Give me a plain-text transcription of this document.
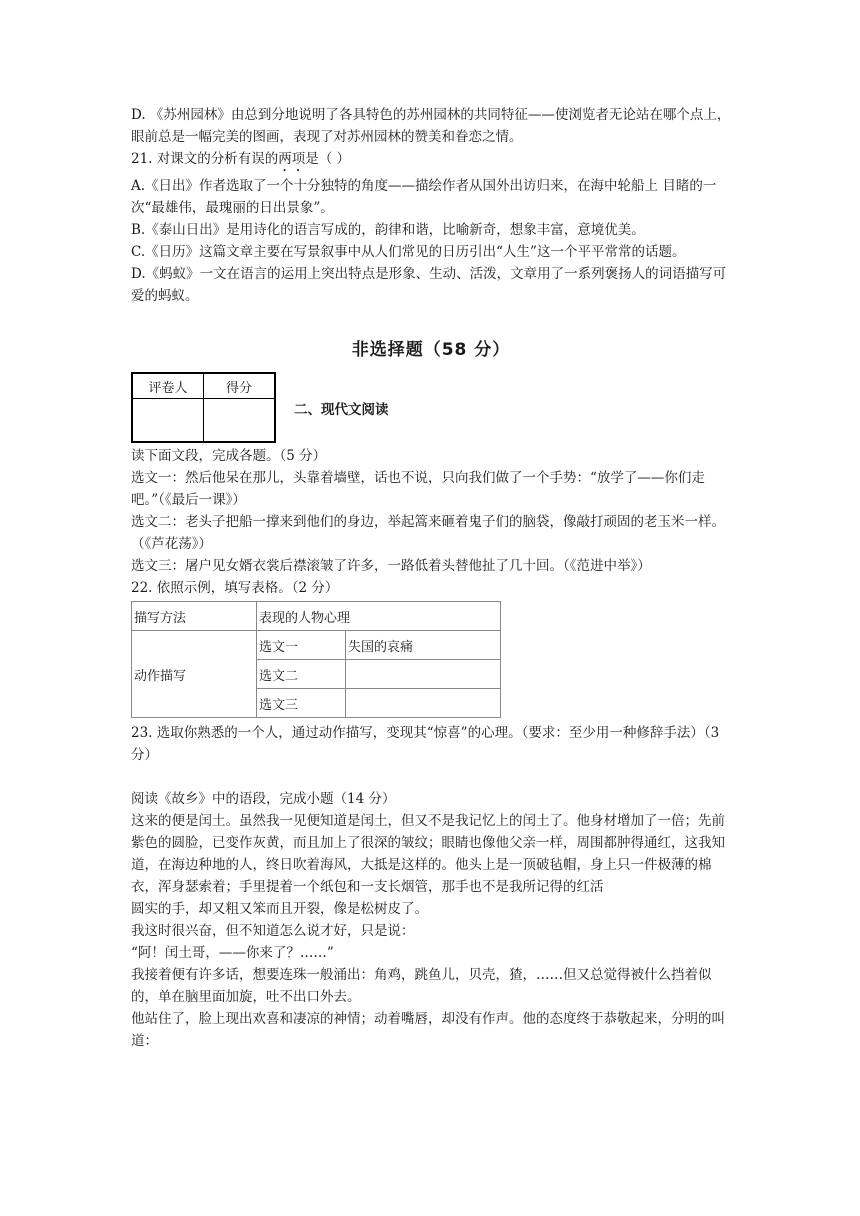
D. 《苏州园林》由总到分地说明了各具特色的苏州园林的共同特征——使浏览者无论站在哪个点上，眼前总是一幅完美的图画，表现了对苏州园林的赞美和眷恋之情。

21. 对课文的分析有误的两项是（ ）

A.《日出》作者选取了一个十分独特的角度——描绘作者从国外出访归来，在海中轮船上 目睹的一次“最雄伟，最瑰丽的日出景象”。

B.《泰山日出》是用诗化的语言写成的，韵律和谐，比喻新奇，想象丰富，意境优美。

C.《日历》这篇文章主要在写景叙事中从人们常见的日历引出“人生”这一个平平常常的话题。

D.《蚂蚁》一文在语言的运用上突出特点是形象、生动、活泼，文章用了一系列褒扬人的词语描写可爱的蚂蚁。

非选择题（58 分）
评卷人	得分

二、现代文阅读

读下面文段，完成各题。（5 分）

选文一：然后他呆在那儿，头靠着墙壁，话也不说，只向我们做了一个手势：“放学了——你们走吧。”（《最后一课》）

选文二：老头子把船一撑来到他们的身边，举起篙来砸着鬼子们的脑袋，像敲打顽固的老玉米一样。（《芦花荡》）

选文三：屠户见女婿衣裳后襟滚皱了许多，一路低着头替他扯了几十回。（《范进中举》）

22. 依照示例，填写表格。（2 分）

描写方法	表现的人物心理	
动作描写	选文一	失国的哀痛
	选文二	
	选文三	

23. 选取你熟悉的一个人，通过动作描写，变现其“惊喜”的心理。（要求：至少用一种修辞手法）（3 分）

阅读《故乡》中的语段，完成小题（14 分）

这来的便是闰土。虽然我一见便知道是闰土，但又不是我记忆上的闰土了。他身材增加了一倍；先前紫色的圆脸，已变作灰黄，而且加上了很深的皱纹；眼睛也像他父亲一样，周围都肿得通红，这我知道，在海边种地的人，终日吹着海风，大抵是这样的。他头上是一顶破毡帽，身上只一件极薄的棉衣，浑身瑟索着；手里提着一个纸包和一支长烟管，那手也不是我所记得的红活

圆实的手，却又粗又笨而且开裂，像是松树皮了。

我这时很兴奋，但不知道怎么说才好，只是说：

“阿！闰土哥，——你来了？……”

我接着便有许多话，想要连珠一般涌出：角鸡，跳鱼儿，贝壳，猹，……但又总觉得被什么挡着似的，单在脑里面加旋，吐不出口外去。

他站住了，脸上现出欢喜和凄凉的神情；动着嘴唇，却没有作声。他的态度终于恭敬起来，分明的叫道：
